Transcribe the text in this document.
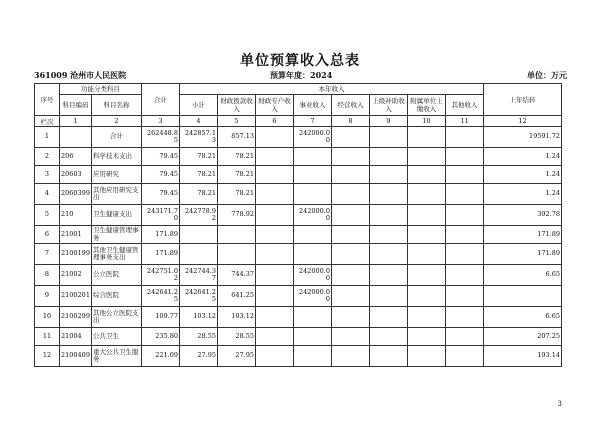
单位预算收入总表
361009 沧州市人民医院	预算年度：2024	单位：万元
序号	功能分类科目		合计	本年收入								上年结转
	科目编码	科目名称		小计	财政拨款收入	财政专户收入	事业收入	经营收入	上级补助收入	附属单位上缴收入	其他收入	
栏次	1	2	3	4	5	6	7	8	9	10	11	12
1		合计	262448.85	242857.13	857.13		242000.00					19591.72
2	206	科学技术支出	79.45	78.21	78.21							1.24
3	20603	应用研究	79.45	78.21	78.21							1.24
4	2060399	其他应用研究支出	79.45	78.21	78.21							1.24
5	210	卫生健康支出	243171.70	242778.92	778.92		242000.00					392.78
6	21001	卫生健康管理事务	171.89									171.89
7	2100199	其他卫生健康管理事务支出	171.89									171.89
8	21002	公立医院	242751.02	242744.37	744.37		242000.00					6.65
9	2100201	综合医院	242641.25	242641.25	641.25		242000.00					
10	2100299	其他公立医院支出	109.77	103.12	103.12							6.65
11	21004	公共卫生	235.80	28.55	28.55							207.25
12	2100409	重大公共卫生服务	221.09	27.95	27.95							193.14
3
